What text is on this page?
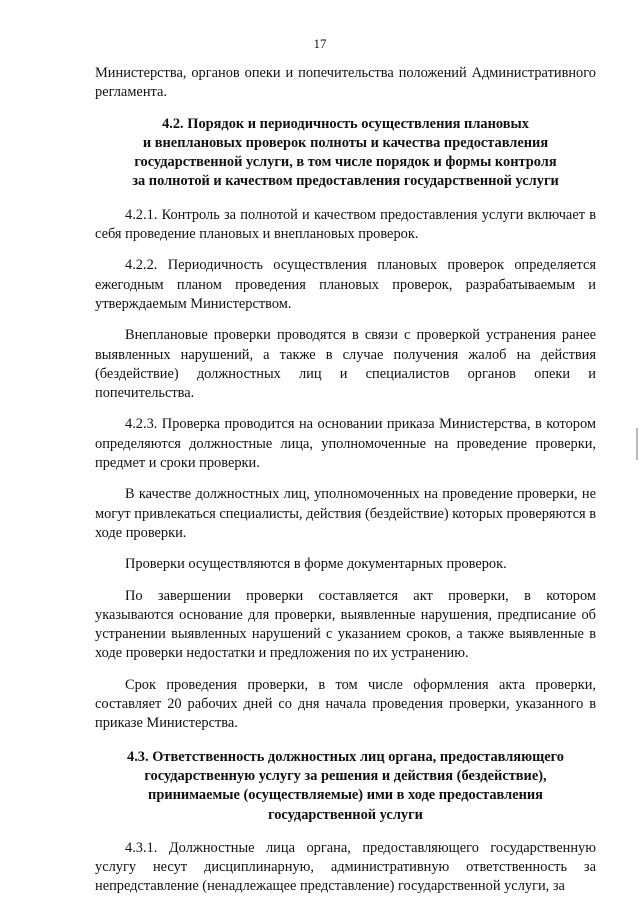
17

Министерства, органов опеки и попечительства положений Административного регламента.

4.2. Порядок и периодичность осуществления плановых
и внеплановых проверок полноты и качества предоставления
государственной услуги, в том числе порядок и формы контроля
за полнотой и качеством предоставления государственной услуги

4.2.1. Контроль за полнотой и качеством предоставления услуги включает в себя проведение плановых и внеплановых проверок.

4.2.2. Периодичность осуществления плановых проверок определяется ежегодным планом проведения плановых проверок, разрабатываемым и утверждаемым Министерством.

Внеплановые проверки проводятся в связи с проверкой устранения ранее выявленных нарушений, а также в случае получения жалоб на действия (бездействие) должностных лиц и специалистов органов опеки и попечительства.

4.2.3. Проверка проводится на основании приказа Министерства, в котором определяются должностные лица, уполномоченные на проведение проверки, предмет и сроки проверки.

В качестве должностных лиц, уполномоченных на проведение проверки, не могут привлекаться специалисты, действия (бездействие) которых проверяются в ходе проверки.

Проверки осуществляются в форме документарных проверок.

По завершении проверки составляется акт проверки, в котором указываются основание для проверки, выявленные нарушения, предписание об устранении выявленных нарушений с указанием сроков, а также выявленные в ходе проверки недостатки и предложения по их устранению.

Срок проведения проверки, в том числе оформления акта проверки, составляет 20 рабочих дней со дня начала проведения проверки, указанного в приказе Министерства.

4.3. Ответственность должностных лиц органа, предоставляющего
государственную услугу за решения и действия (бездействие),
принимаемые (осуществляемые) ими в ходе предоставления
государственной услуги

4.3.1. Должностные лица органа, предоставляющего государственную услугу несут дисциплинарную, административную ответственность за непредставление (ненадлежащее представление) государственной услуги, за
